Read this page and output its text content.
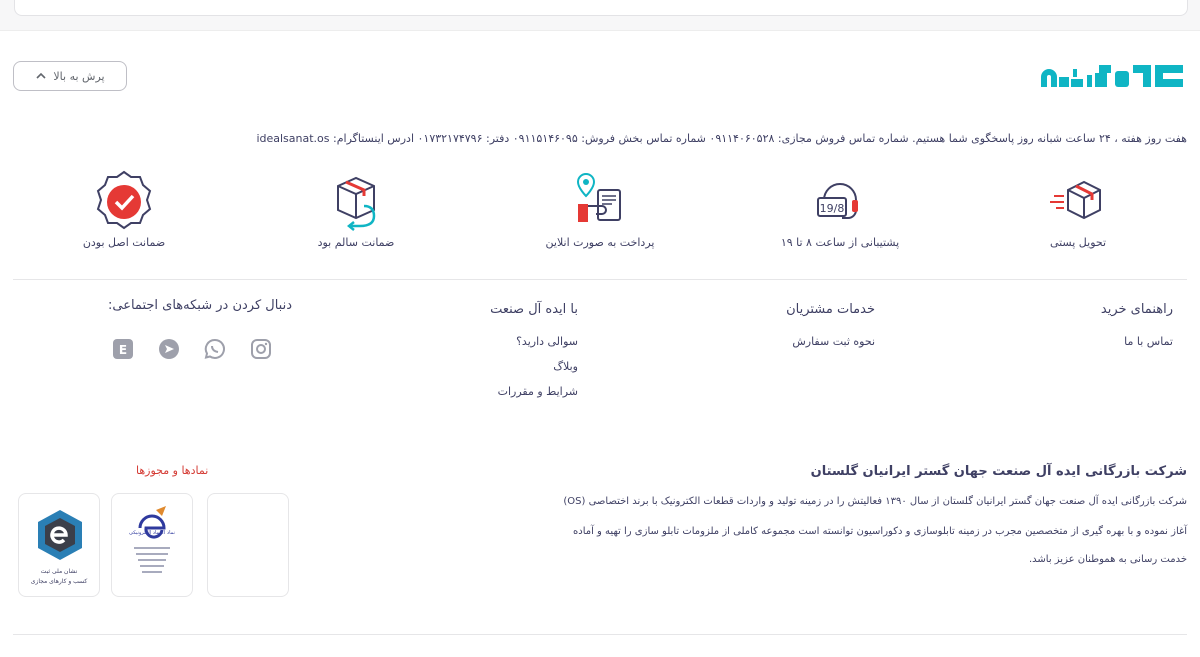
پرش به بالا
هفت روز هفته ، ۲۴ ساعت شبانه روز پاسخگوی شما هستیم. شماره تماس فروش مجازی: ۰۹۱۱۴۰۶۰۵۲۸ شماره تماس بخش فروش: ۰۹۱۱۵۱۴۶۰۹۵ دفتر: ۰۱۷۳۲۱۷۴۷۹۶ ادرس اینستاگرام: idealsanat.os
تحویل پستی
19/8
پشتیبانی از ساعت ۸ تا ۱۹
پرداخت به صورت انلاین
ضمانت سالم بود
ضمانت اصل بودن
راهنمای خرید
تماس با ما
خدمات مشتریان
نحوه ثبت سفارش
با ایده آل صنعت
سوالی دارید؟
وبلاگ
شرایط و مقررات
دنبال کردن در شبکه‌های اجتماعی:
E
شرکت بازرگانی ایده آل صنعت جهان گستر ایرانیان گلستان
شرکت بازرگانی ایده آل صنعت جهان گستر ایرانیان گلستان از سال ۱۳۹۰ فعالیتش را در زمینه تولید و واردات قطعات الکترونیک با برند اختصاصی (OS)
آغاز نموده و با بهره گیری از متخصصین مجرب در زمینه تابلوسازی و دکوراسیون توانسته است مجموعه کاملی از ملزومات تابلو سازی را تهیه و آماده
خدمت رسانی به هموطنان عزیز باشد.
نمادها و مجوزها
نماد اعتماد الکترونیکی
نشان ملی ثبت
کسب و کارهای مجازی
